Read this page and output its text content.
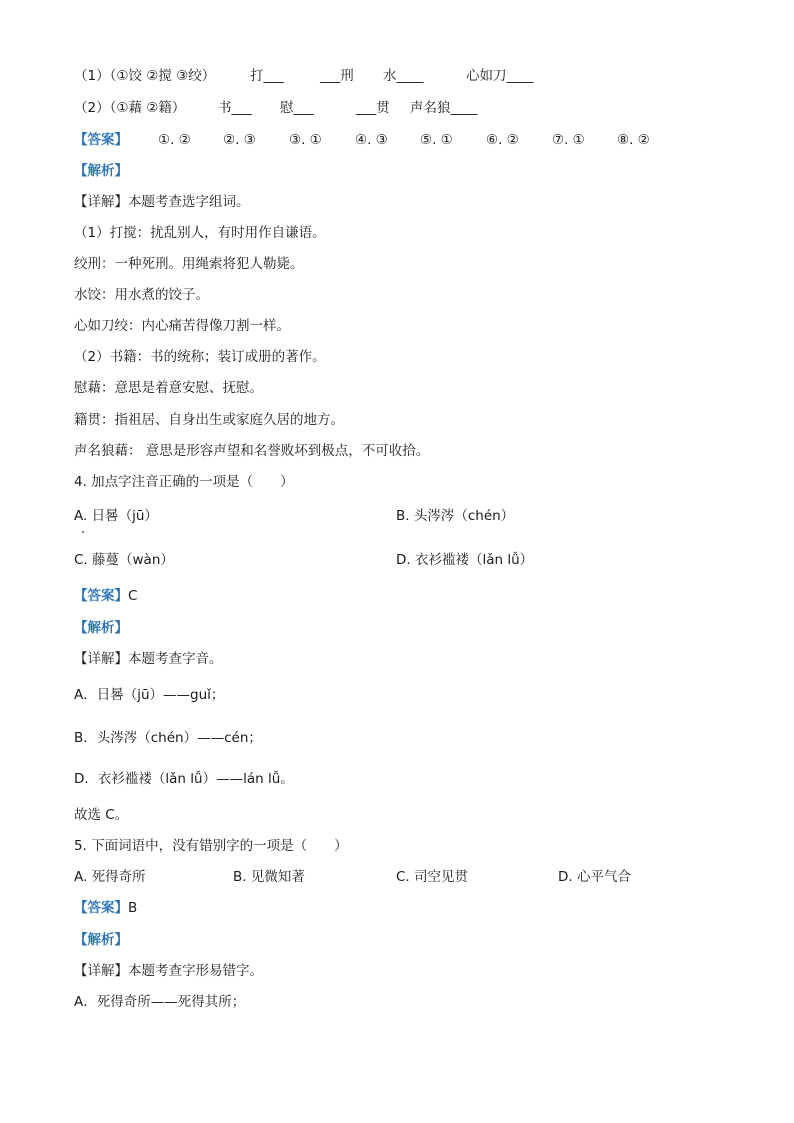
（1）（①饺 ②搅 ③绞）	打___	___刑 水____	心如刀____
（2）（①藉 ②籍） 书___ 慰___	___贯 声名狼____
【答案】 ①. ② ②. ③ ③. ① ④. ③ ⑤. ① ⑥. ② ⑦. ① ⑧. ②
【解析】
【详解】本题考查选字组词。
（1）打搅：扰乱别人，有时用作自谦语。
绞刑：一种死刑。用绳索将犯人勒毙。
水饺：用水煮的饺子。
心如刀绞：内心痛苦得像刀割一样。
（2）书籍：书的统称；装订成册的著作。
慰藉：意思是着意安慰、抚慰。
籍贯：指祖居、自身出生或家庭久居的地方。
声名狼藉： 意思是形容声望和名誉败坏到极点，不可收拾。
4. 加点字注音正确的一项是（　　）
A. 日晷（jū）	B. 头涔涔（chén）
C. 藤蔓（wàn）	D. 衣衫褴褛（lǎn lǚ）
【答案】C
【解析】
【详解】本题考查字音。
A．日晷（jū）——guǐ；
B．头涔涔（chén）——cén；
D．衣衫褴褛（lǎn lǚ）——lán lǚ。
故选 C。
5. 下面词语中，没有错别字的一项是（　　）
A. 死得奇所	B. 见微知著	C. 司空见贯	D. 心平气合
【答案】B
【解析】
【详解】本题考查字形易错字。
A．死得奇所——死得其所；
